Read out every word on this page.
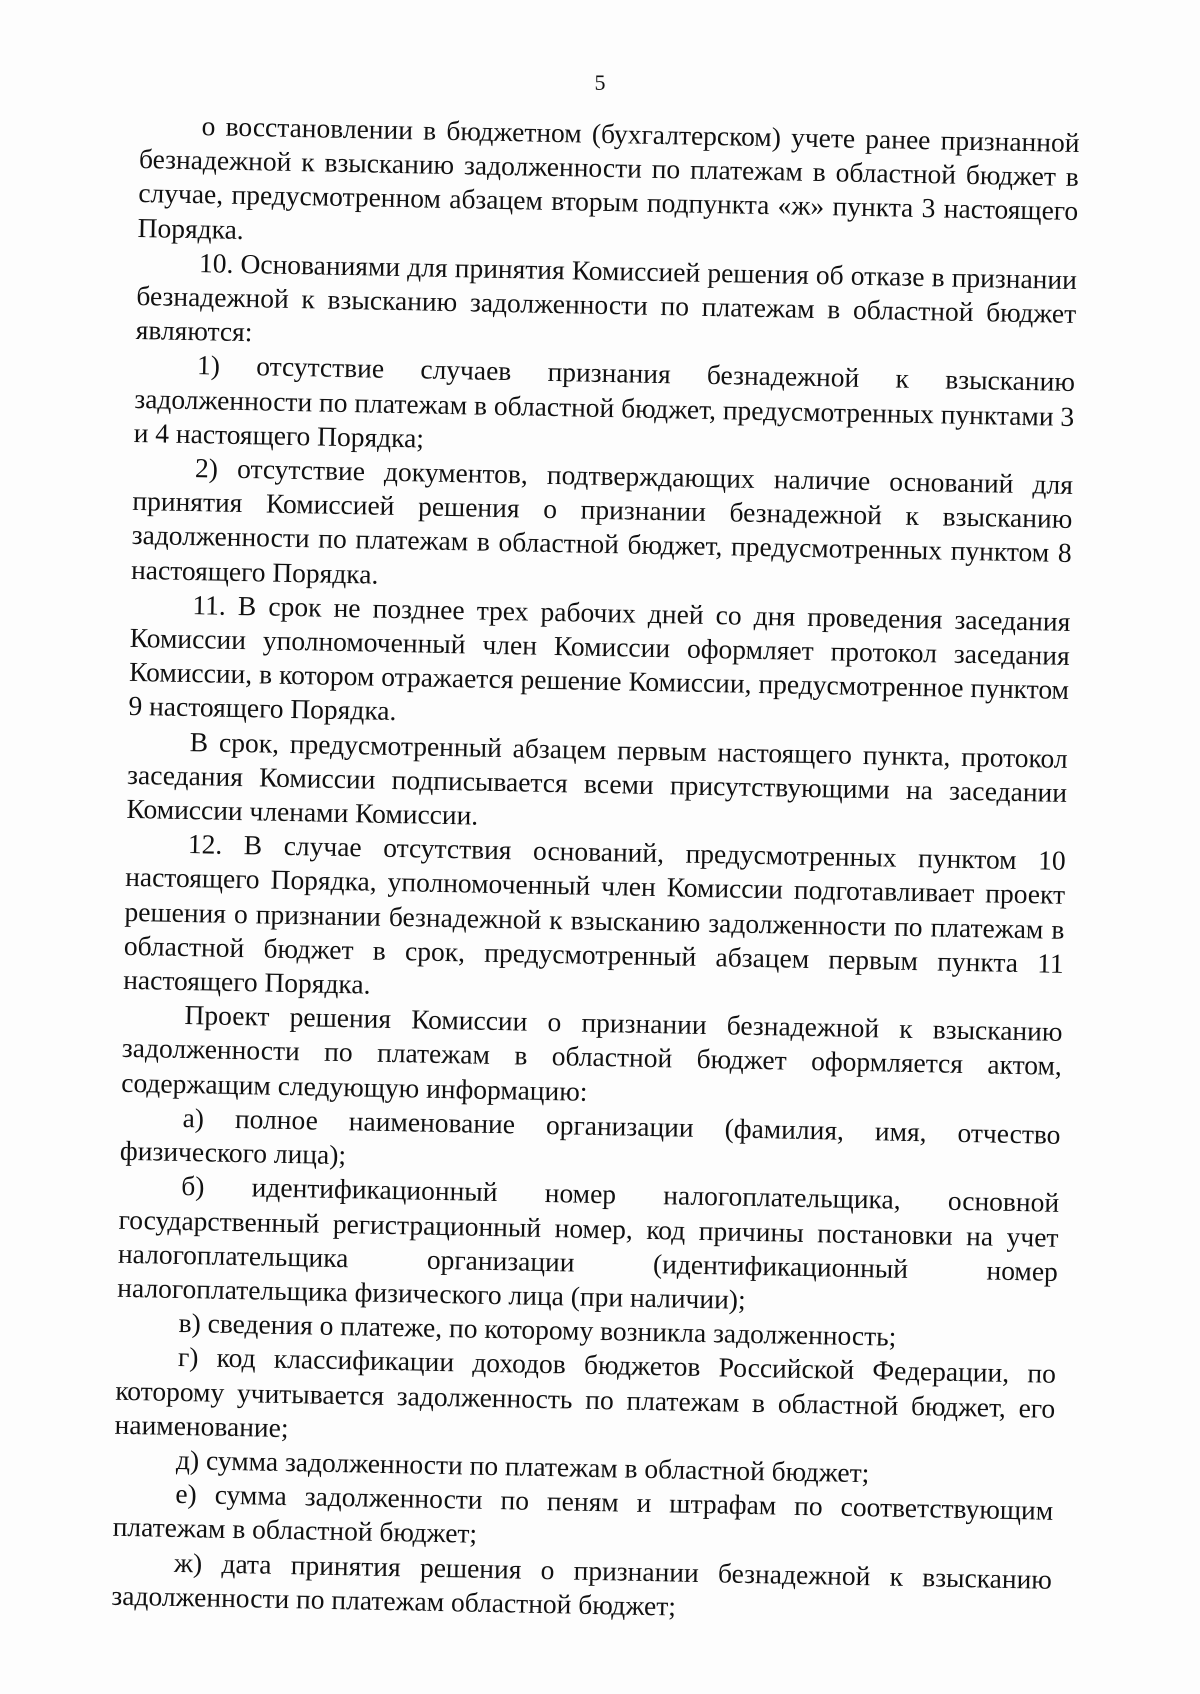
5

о восстановлении в бюджетном (бухгалтерском) учете ранее признанной безнадежной к взысканию задолженности по платежам в областной бюджет в случае, предусмотренном абзацем вторым подпункта «ж» пункта 3 настоящего Порядка.

10. Основаниями для принятия Комиссией решения об отказе в признании безнадежной к взысканию задолженности по платежам в областной бюджет являются:

1) отсутствие случаев признания безнадежной к взысканию задолженности по платежам в областной бюджет, предусмотренных пунктами 3 и 4 настоящего Порядка;

2) отсутствие документов, подтверждающих наличие оснований для принятия Комиссией решения о признании безнадежной к взысканию задолженности по платежам в областной бюджет, предусмотренных пунктом 8 настоящего Порядка.

11. В срок не позднее трех рабочих дней со дня проведения заседания Комиссии уполномоченный член Комиссии оформляет протокол заседания Комиссии, в котором отражается решение Комиссии, предусмотренное пунктом 9 настоящего Порядка.

В срок, предусмотренный абзацем первым настоящего пункта, протокол заседания Комиссии подписывается всеми присутствующими на заседании Комиссии членами Комиссии.

12. В случае отсутствия оснований, предусмотренных пунктом 10 настоящего Порядка, уполномоченный член Комиссии подготавливает проект решения о признании безнадежной к взысканию задолженности по платежам в областной бюджет в срок, предусмотренный абзацем первым пункта 11 настоящего Порядка.

Проект решения Комиссии о признании безнадежной к взысканию задолженности по платежам в областной бюджет оформляется актом, содержащим следующую информацию:

а) полное наименование организации (фамилия, имя, отчество физического лица);

б) идентификационный номер налогоплательщика, основной государственный регистрационный номер, код причины постановки на учет налогоплательщика организации (идентификационный номер налогоплательщика физического лица (при наличии);

в) сведения о платеже, по которому возникла задолженность;

г) код классификации доходов бюджетов Российской Федерации, по которому учитывается задолженность по платежам в областной бюджет, его наименование;

д) сумма задолженности по платежам в областной бюджет;

е) сумма задолженности по пеням и штрафам по соответствующим платежам в областной бюджет;

ж) дата принятия решения о признании безнадежной к взысканию задолженности по платежам областной бюджет;
